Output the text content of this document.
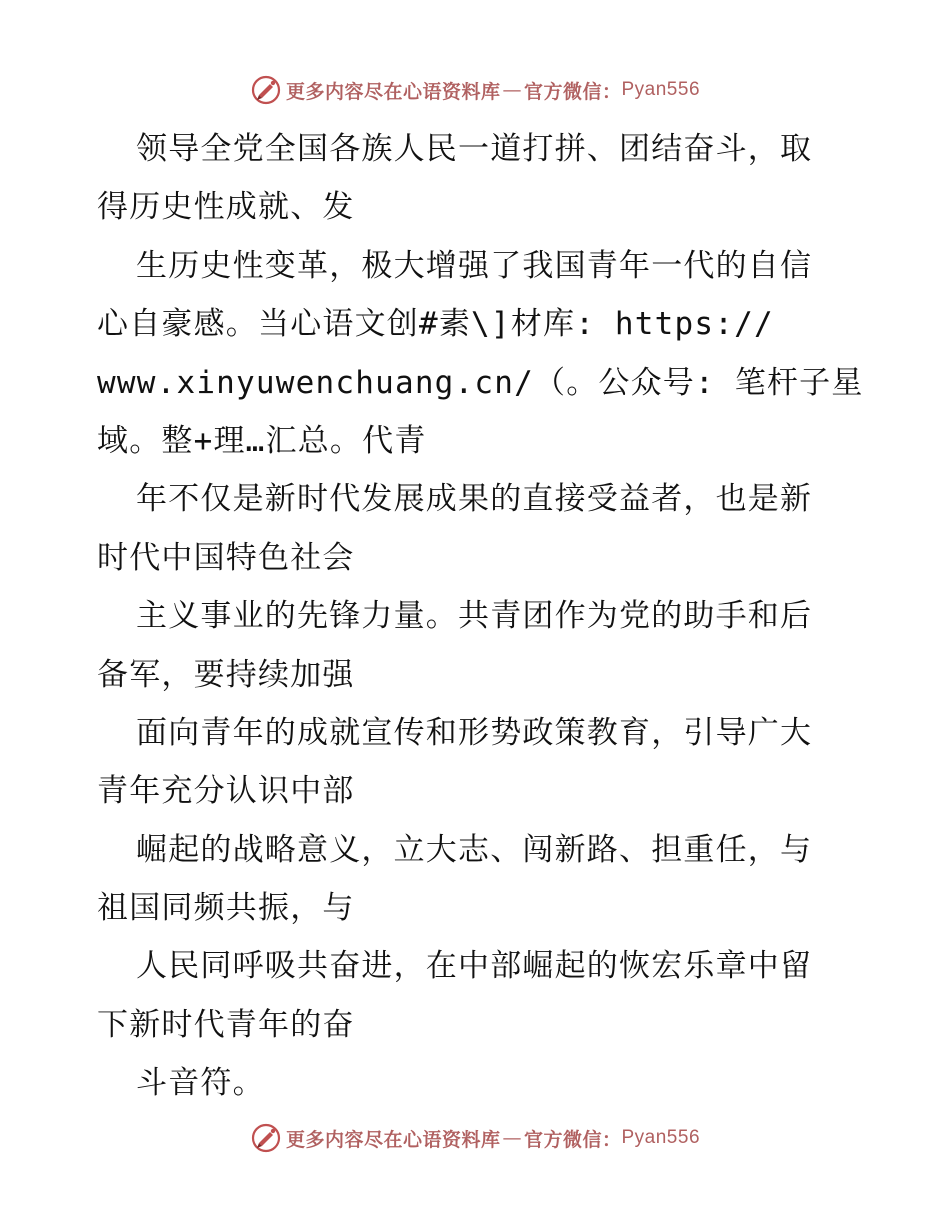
更多内容尽在心语资料库 — 官方微信： Pyan556
领导全党全国各族人民一道打拼、团结奋斗，取
得历史性成就、发
生历史性变革，极大增强了我国青年一代的自信
心自豪感。当心语文创#素\]材库: https://
www.xinyuwenchuang.cn/（。公众号: 笔杆子星
域。整+理…汇总。代青
年不仅是新时代发展成果的直接受益者，也是新
时代中国特色社会
主义事业的先锋力量。共青团作为党的助手和后
备军，要持续加强
面向青年的成就宣传和形势政策教育，引导广大
青年充分认识中部
崛起的战略意义，立大志、闯新路、担重任，与
祖国同频共振，与
人民同呼吸共奋进，在中部崛起的恢宏乐章中留
下新时代青年的奋
斗音符。
更多内容尽在心语资料库 — 官方微信： Pyan556
